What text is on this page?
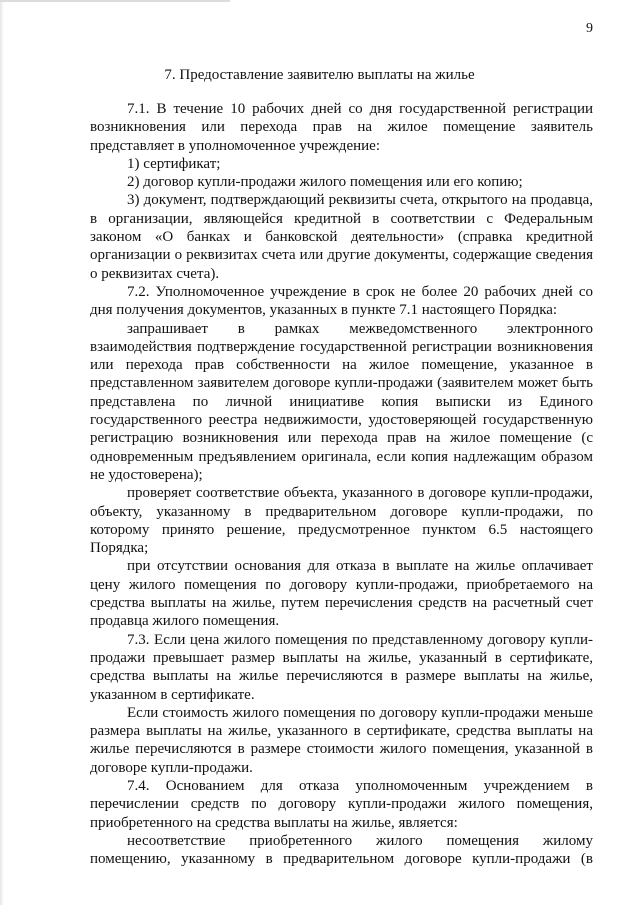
9
7. Предоставление заявителю выплаты на жилье

7.1. В течение 10 рабочих дней со дня государственной регистрации возникновения или перехода прав на жилое помещение заявитель представляет в уполномоченное учреждение:

1) сертификат;

2) договор купли-продажи жилого помещения или его копию;

3) документ, подтверждающий реквизиты счета, открытого на продавца, в организации, являющейся кредитной в соответствии с Федеральным законом «О банках и банковской деятельности» (справка кредитной организации о реквизитах счета или другие документы, содержащие сведения о реквизитах счета).

7.2. Уполномоченное учреждение в срок не более 20 рабочих дней со дня получения документов, указанных в пункте 7.1 настоящего Порядка:

запрашивает в рамках межведомственного электронного взаимодействия подтверждение государственной регистрации возникновения или перехода прав собственности на жилое помещение, указанное в представленном заявителем договоре купли-продажи (заявителем может быть представлена по личной инициативе копия выписки из Единого государственного реестра недвижимости, удостоверяющей государственную регистрацию возникновения или перехода прав на жилое помещение (с одновременным предъявлением оригинала, если копия надлежащим образом не удостоверена);

проверяет соответствие объекта, указанного в договоре купли-продажи, объекту, указанному в предварительном договоре купли-продажи, по которому принято решение, предусмотренное пунктом 6.5 настоящего Порядка;

при отсутствии основания для отказа в выплате на жилье оплачивает цену жилого помещения по договору купли-продажи, приобретаемого на средства выплаты на жилье, путем перечисления средств на расчетный счет продавца жилого помещения.

7.3. Если цена жилого помещения по представленному договору купли-продажи превышает размер выплаты на жилье, указанный в сертификате, средства выплаты на жилье перечисляются в размере выплаты на жилье, указанном в сертификате.

Если стоимость жилого помещения по договору купли-продажи меньше размера выплаты на жилье, указанного в сертификате, средства выплаты на жилье перечисляются в размере стоимости жилого помещения, указанной в договоре купли-продажи.

7.4. Основанием для отказа уполномоченным учреждением в перечислении средств по договору купли-продажи жилого помещения, приобретенного на средства выплаты на жилье, является:

несоответствие приобретенного жилого помещения жилому помещению, указанному в предварительном договоре купли-продажи (в
